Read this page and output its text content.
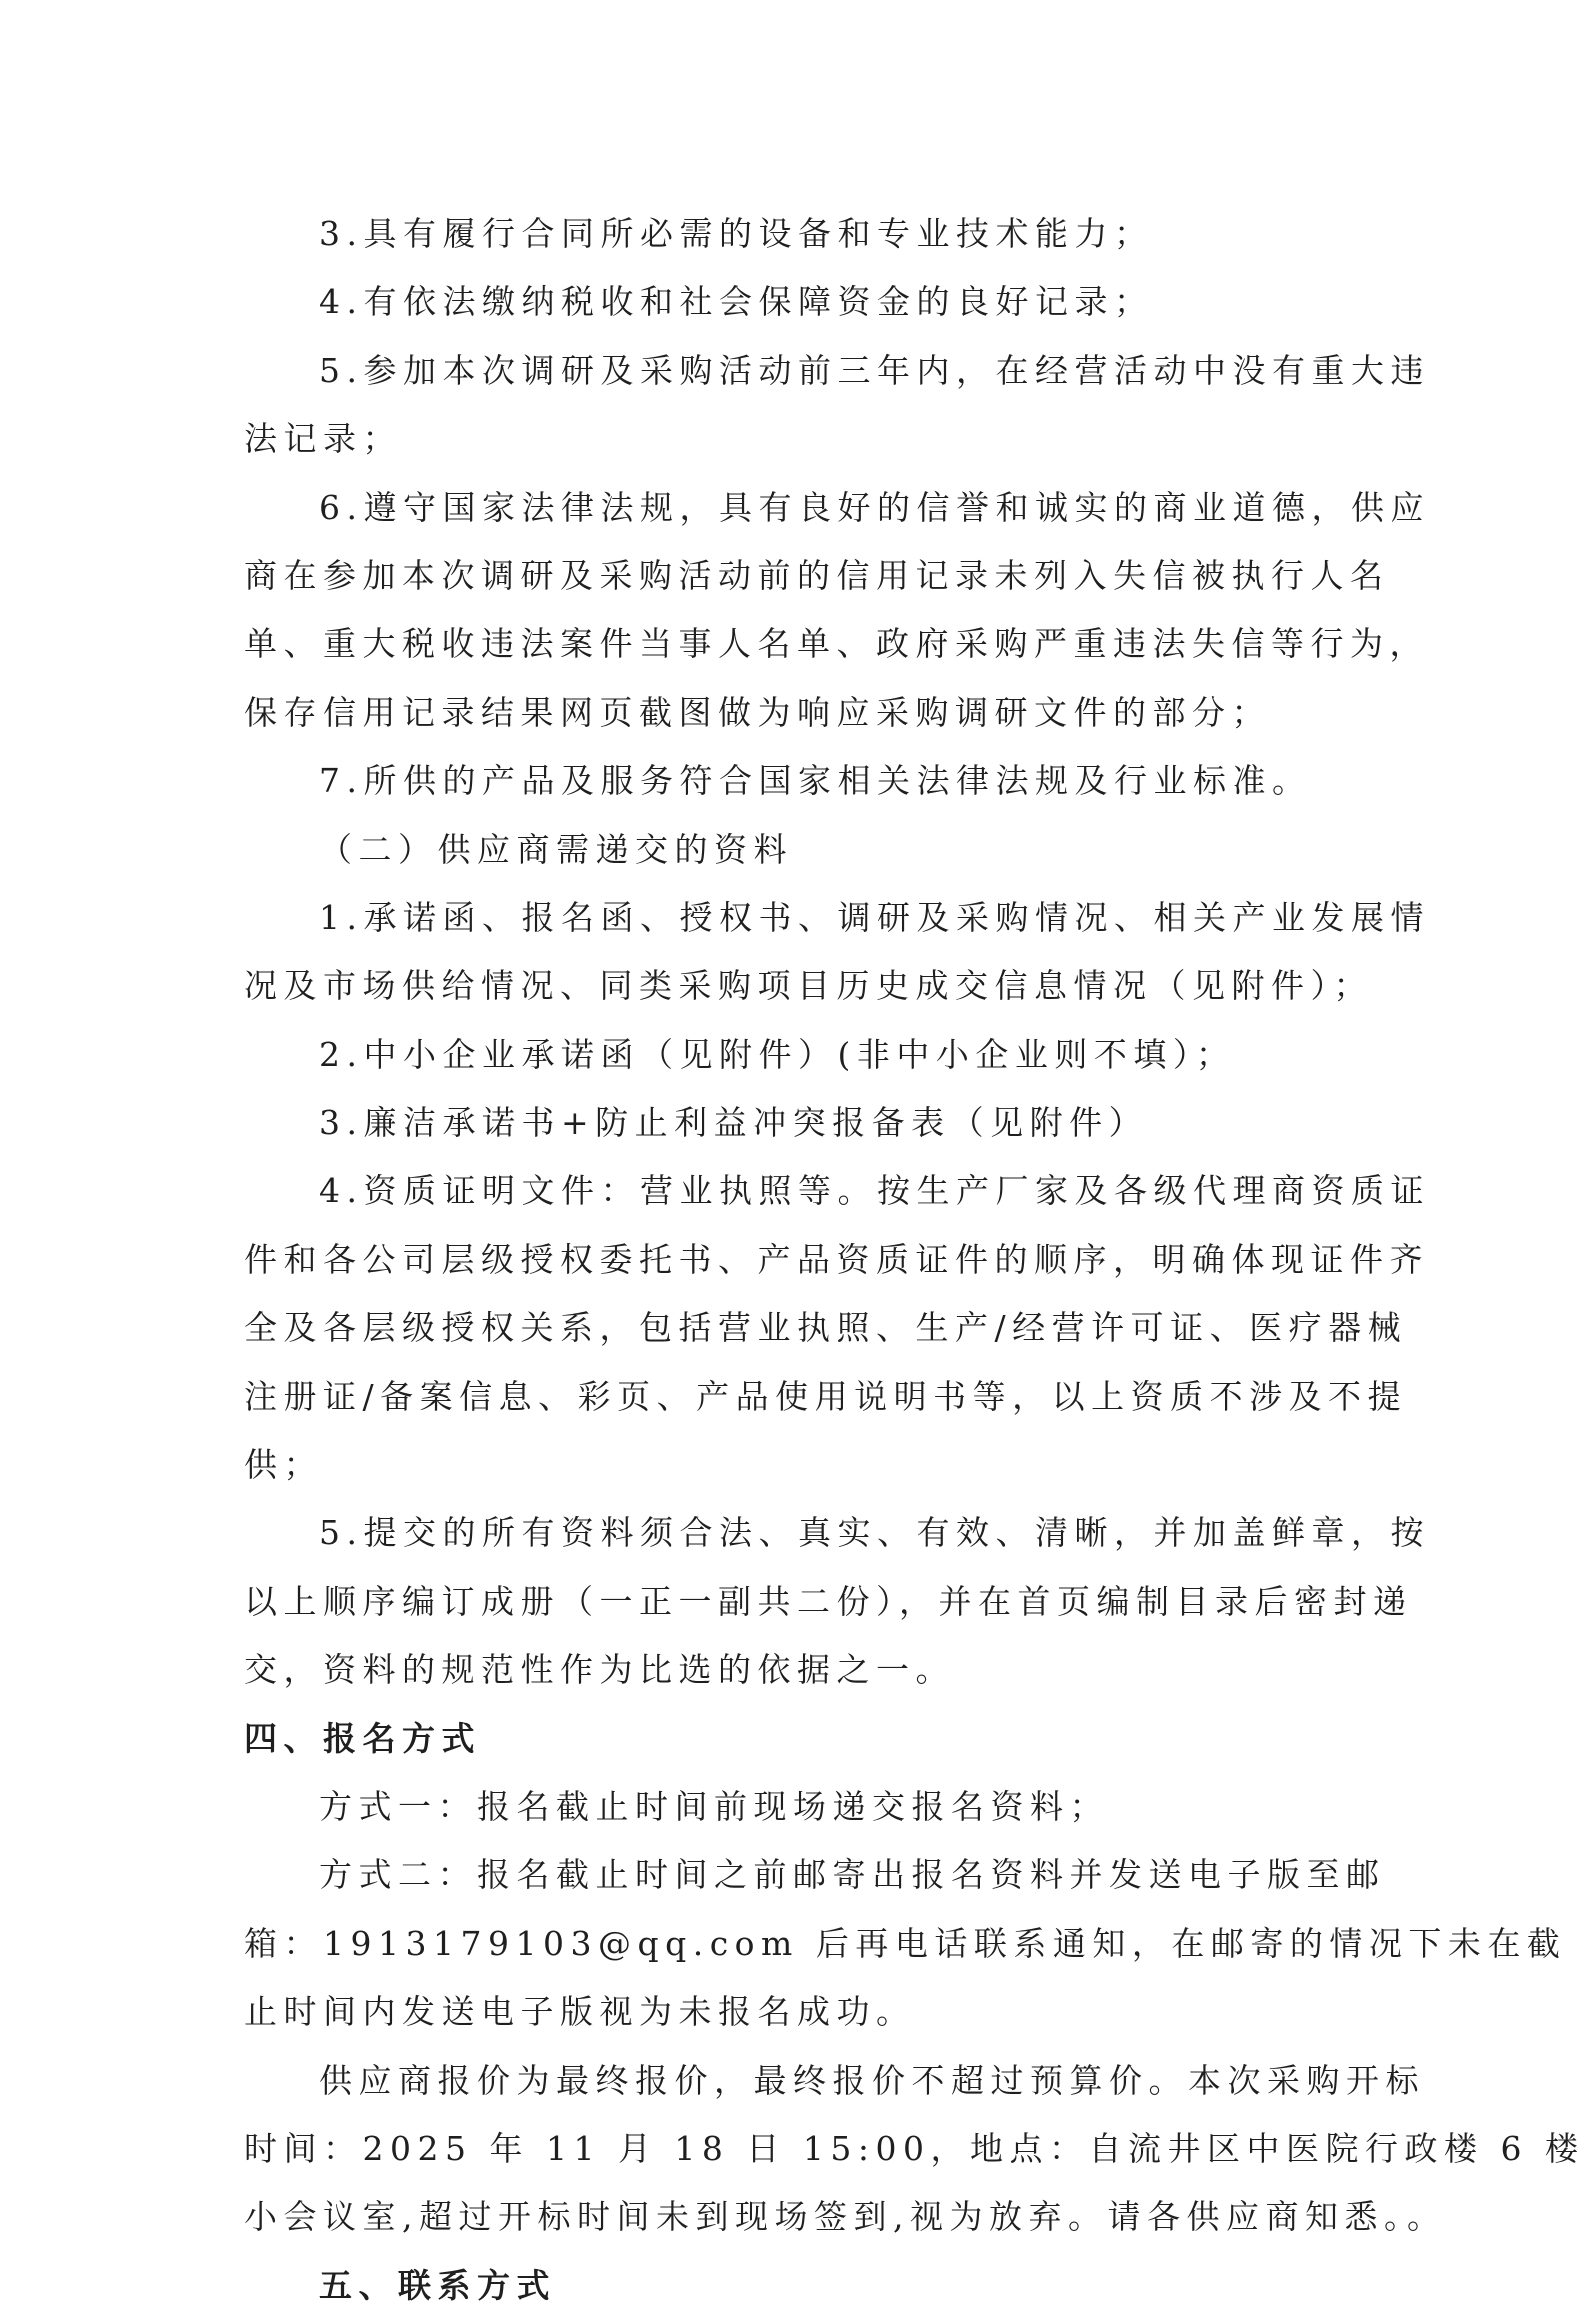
3.具有履行合同所必需的设备和专业技术能力；
4.有依法缴纳税收和社会保障资金的良好记录；
5.参加本次调研及采购活动前三年内，在经营活动中没有重大违
法记录；
6.遵守国家法律法规，具有良好的信誉和诚实的商业道德，供应
商在参加本次调研及采购活动前的信用记录未列入失信被执行人名
单、重大税收违法案件当事人名单、政府采购严重违法失信等行为，
保存信用记录结果网页截图做为响应采购调研文件的部分；
7.所供的产品及服务符合国家相关法律法规及行业标准。
（二）供应商需递交的资料
1.承诺函、报名函、授权书、调研及采购情况、相关产业发展情
况及市场供给情况、同类采购项目历史成交信息情况（见附件）；
2.中小企业承诺函（见附件）(非中小企业则不填）；
3.廉洁承诺书+防止利益冲突报备表（见附件）
4.资质证明文件：营业执照等。按生产厂家及各级代理商资质证
件和各公司层级授权委托书、产品资质证件的顺序，明确体现证件齐
全及各层级授权关系，包括营业执照、生产/经营许可证、医疗器械
注册证/备案信息、彩页、产品使用说明书等，以上资质不涉及不提
供；
5.提交的所有资料须合法、真实、有效、清晰，并加盖鲜章，按
以上顺序编订成册（一正一副共二份），并在首页编制目录后密封递
交，资料的规范性作为比选的依据之一。
四、报名方式
方式一：报名截止时间前现场递交报名资料；
方式二：报名截止时间之前邮寄出报名资料并发送电子版至邮
箱：1913179103@qq.com 后再电话联系通知，在邮寄的情况下未在截
止时间内发送电子版视为未报名成功。
供应商报价为最终报价，最终报价不超过预算价。本次采购开标
时间：2025 年 11 月 18 日 15:00，地点：自流井区中医院行政楼 6 楼
小会议室,超过开标时间未到现场签到,视为放弃。请各供应商知悉。。
五、联系方式
